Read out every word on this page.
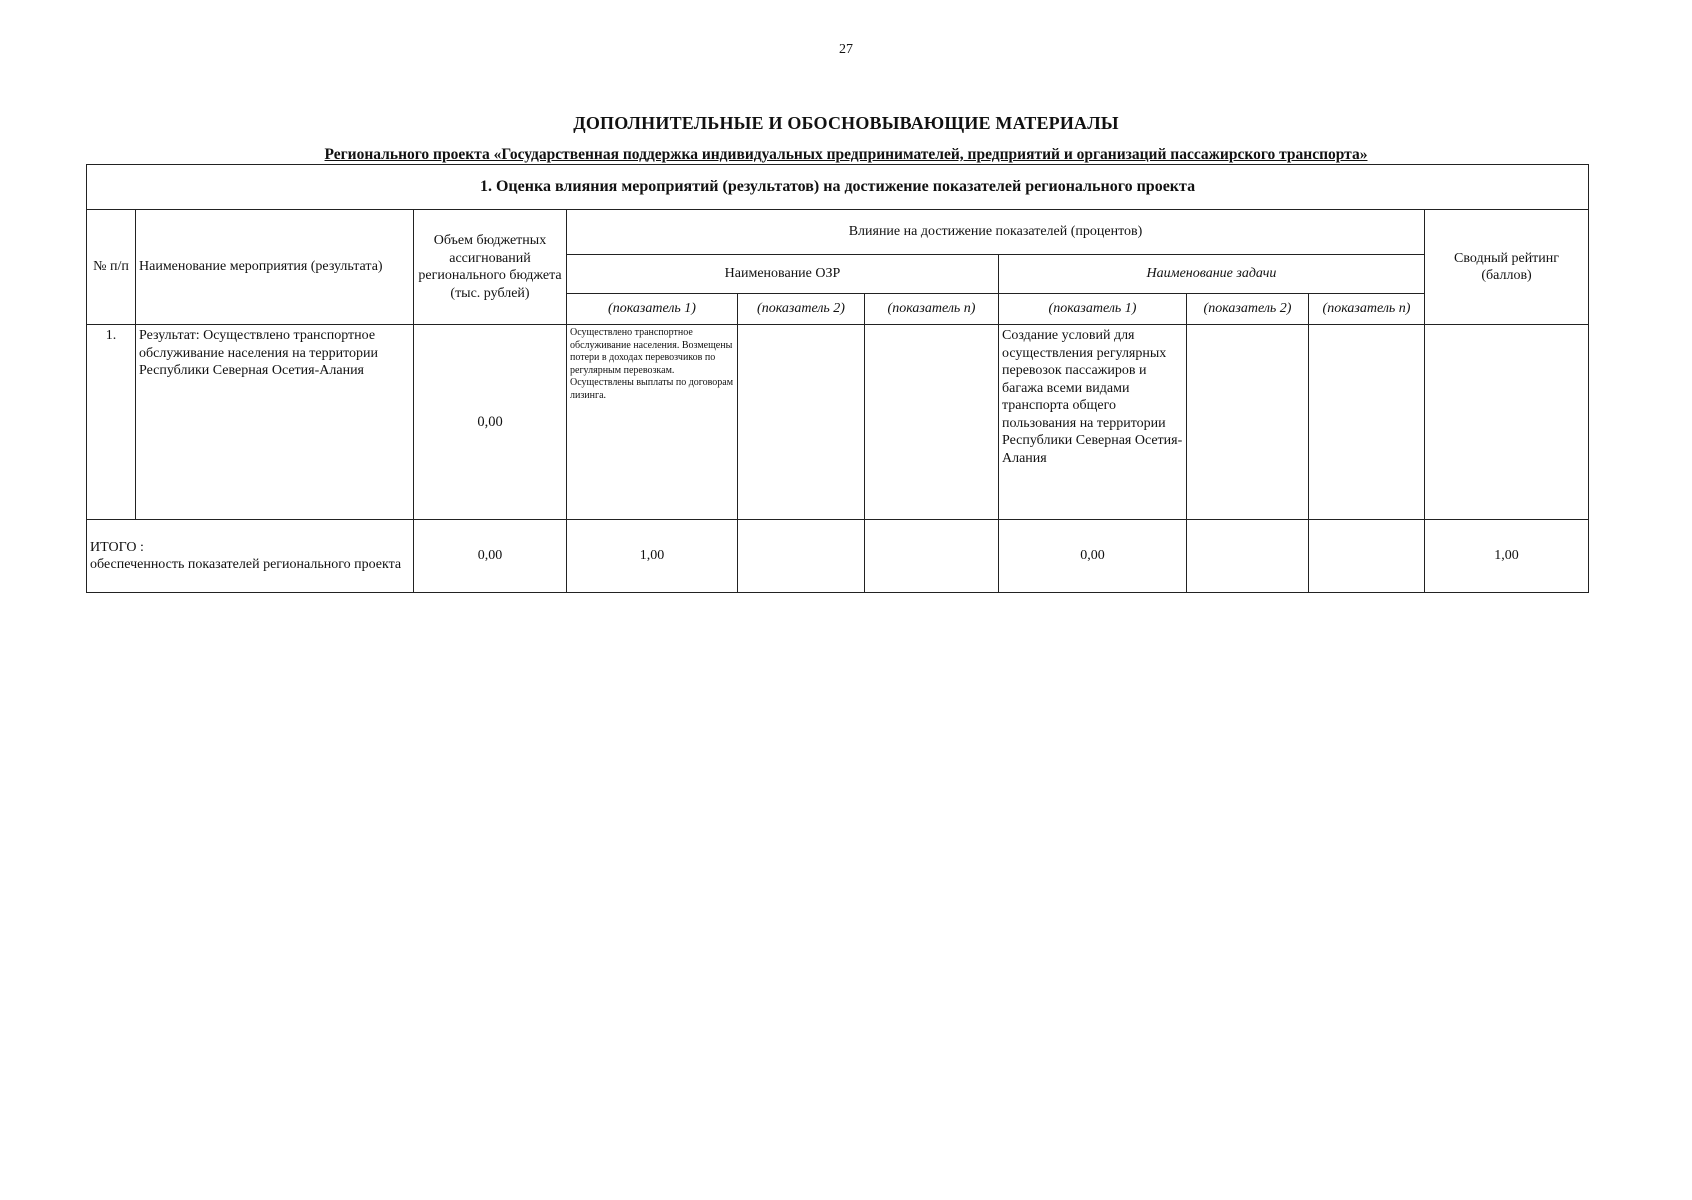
27
ДОПОЛНИТЕЛЬНЫЕ И ОБОСНОВЫВАЮЩИЕ МАТЕРИАЛЫ
Регионального проекта «Государственная поддержка индивидуальных предпринимателей, предприятий и организаций пассажирского транспорта»
1. Оценка влияния мероприятий (результатов) на достижение показателей регионального проекта									
№ п/п	Наименование мероприятия (результата)	Объем бюджетных ассигнований регионального бюджета (тыс. рублей)	Влияние на достижение показателей (процентов)						Сводный рейтинг (баллов)
			Наименование ОЗР			Наименование задачи			
			(показатель 1)	(показатель 2)	(показатель n)	(показатель 1)	(показатель 2)	(показатель n)	
1.	Результат: Осуществлено транспортное обслуживание населения на территории Республики Северная Осетия-Алания	0,00	Осуществлено транспортное обслуживание населения. Возмещены потери в доходах перевозчиков по регулярным перевозкам. Осуществлены выплаты по договорам лизинга.			Создание условий для осуществления регулярных перевозок пассажиров и багажа всеми видами транспорта общего пользования на территории Республики Северная Осетия-Алания			

ИТОГО :
обеспеченность показателей регионального проекта		0,00	1,00			0,00			1,00
